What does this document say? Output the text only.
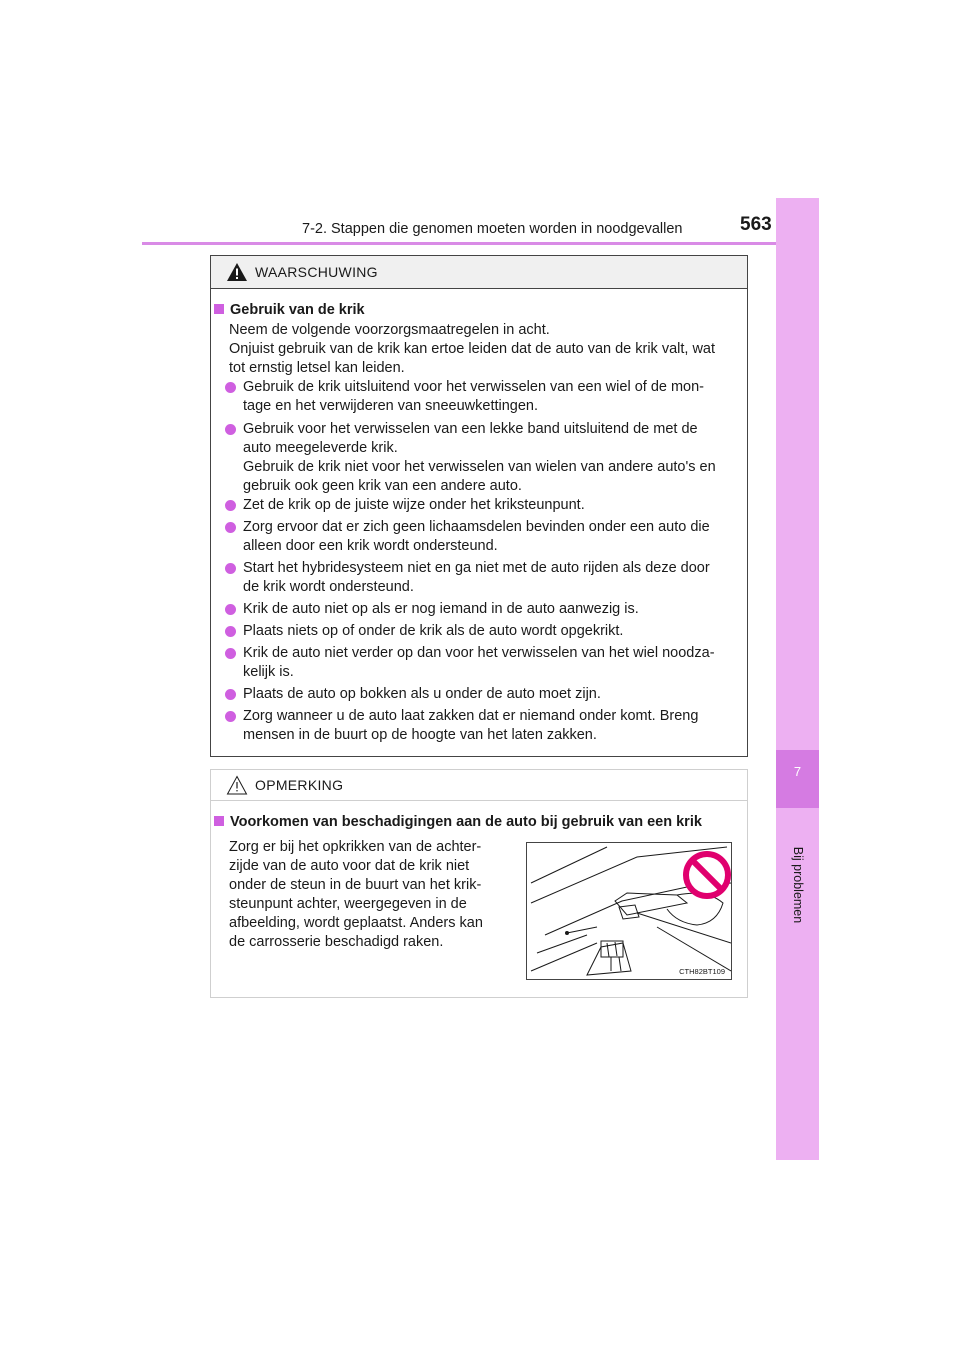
7-2. Stappen die genomen moeten worden in noodgevallen	563
7
Bij problemen
WAARSCHUWING
Gebruik van de krik
Neem de volgende voorzorgsmaatregelen in acht.
Onjuist gebruik van de krik kan ertoe leiden dat de auto van de krik valt, wat
tot ernstig letsel kan leiden.
Gebruik de krik uitsluitend voor het verwisselen van een wiel of de mon-
tage en het verwijderen van sneeuwkettingen.
Gebruik voor het verwisselen van een lekke band uitsluitend de met de
auto meegeleverde krik.
Gebruik de krik niet voor het verwisselen van wielen van andere auto's en
gebruik ook geen krik van een andere auto.
Zet de krik op de juiste wijze onder het kriksteunpunt.
Zorg ervoor dat er zich geen lichaamsdelen bevinden onder een auto die
alleen door een krik wordt ondersteund.
Start het hybridesysteem niet en ga niet met de auto rijden als deze door
de krik wordt ondersteund.
Krik de auto niet op als er nog iemand in de auto aanwezig is.
Plaats niets op of onder de krik als de auto wordt opgekrikt.
Krik de auto niet verder op dan voor het verwisselen van het wiel noodza-
kelijk is.
Plaats de auto op bokken als u onder de auto moet zijn.
Zorg wanneer u de auto laat zakken dat er niemand onder komt. Breng
mensen in de buurt op de hoogte van het laten zakken.
OPMERKING
Voorkomen van beschadigingen aan de auto bij gebruik van een krik
Zorg er bij het opkrikken van de achter-
zijde van de auto voor dat de krik niet
onder de steun in de buurt van het krik-
steunpunt achter, weergegeven in de
afbeelding, wordt geplaatst. Anders kan
de carrosserie beschadigd raken.
CTH82BT109
